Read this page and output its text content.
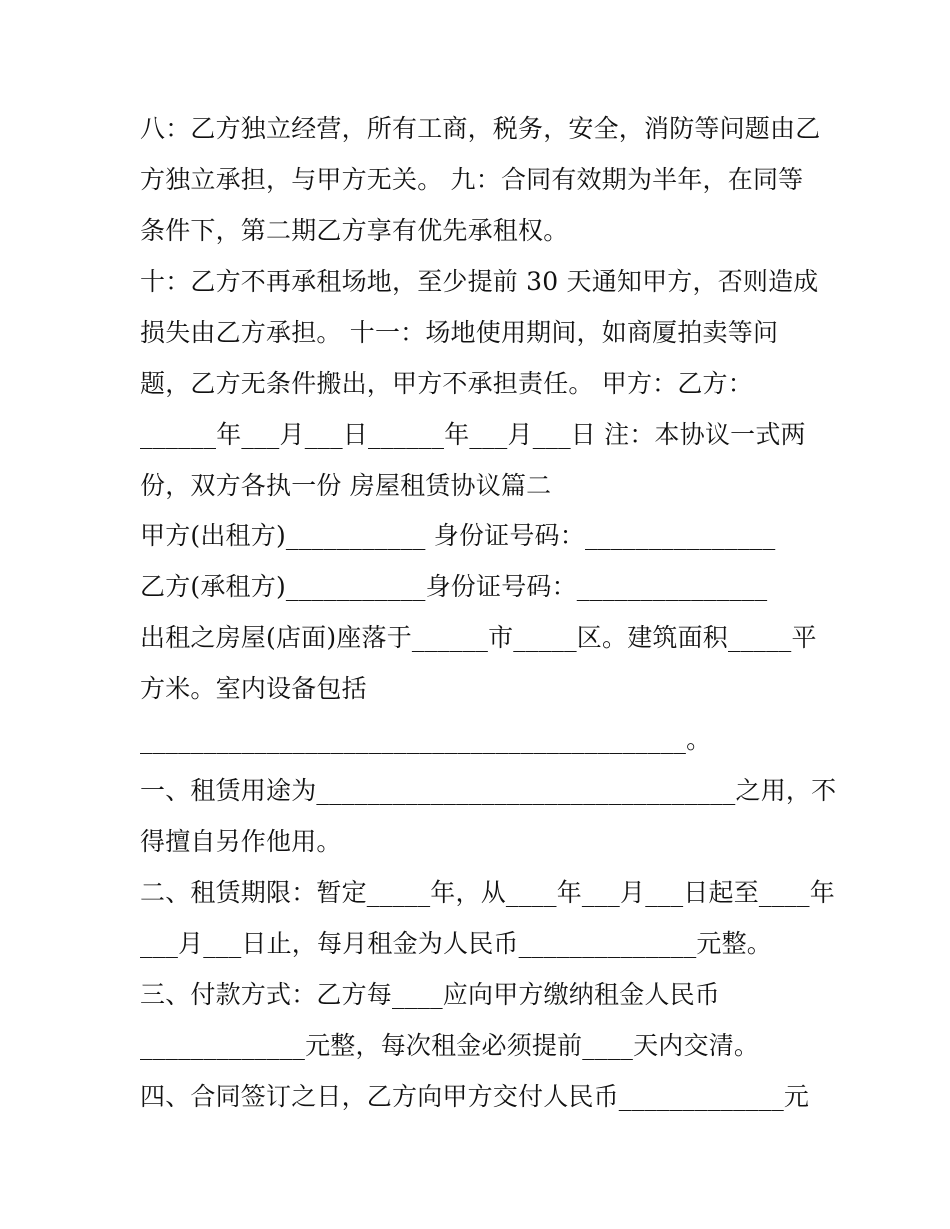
八：乙方独立经营，所有工商，税务，安全，消防等问题由乙
方独立承担，与甲方无关。 九：合同有效期为半年，在同等
条件下，第二期乙方享有优先承租权。
十：乙方不再承租场地，至少提前 30 天通知甲方，否则造成
损失由乙方承担。 十一：场地使用期间，如商厦拍卖等问
题，乙方无条件搬出，甲方不承担责任。 甲方：乙方：
______年___月___日______年___月___日 注：本协议一式两
份，双方各执一份 房屋租赁协议篇二
甲方(出租方)___________ 身份证号码：_______________
乙方(承租方)___________身份证号码：_______________
出租之房屋(店面)座落于______市_____区。建筑面积_____平
方米。室内设备包括
___________________________________________。
一、租赁用途为_________________________________之用，不
得擅自另作他用。
二、租赁期限：暂定_____年，从____年___月___日起至____年
___月___日止，每月租金为人民币______________元整。
三、付款方式：乙方每____应向甲方缴纳租金人民币
_____________元整，每次租金必须提前____天内交清。
四、合同签订之日，乙方向甲方交付人民币_____________元
